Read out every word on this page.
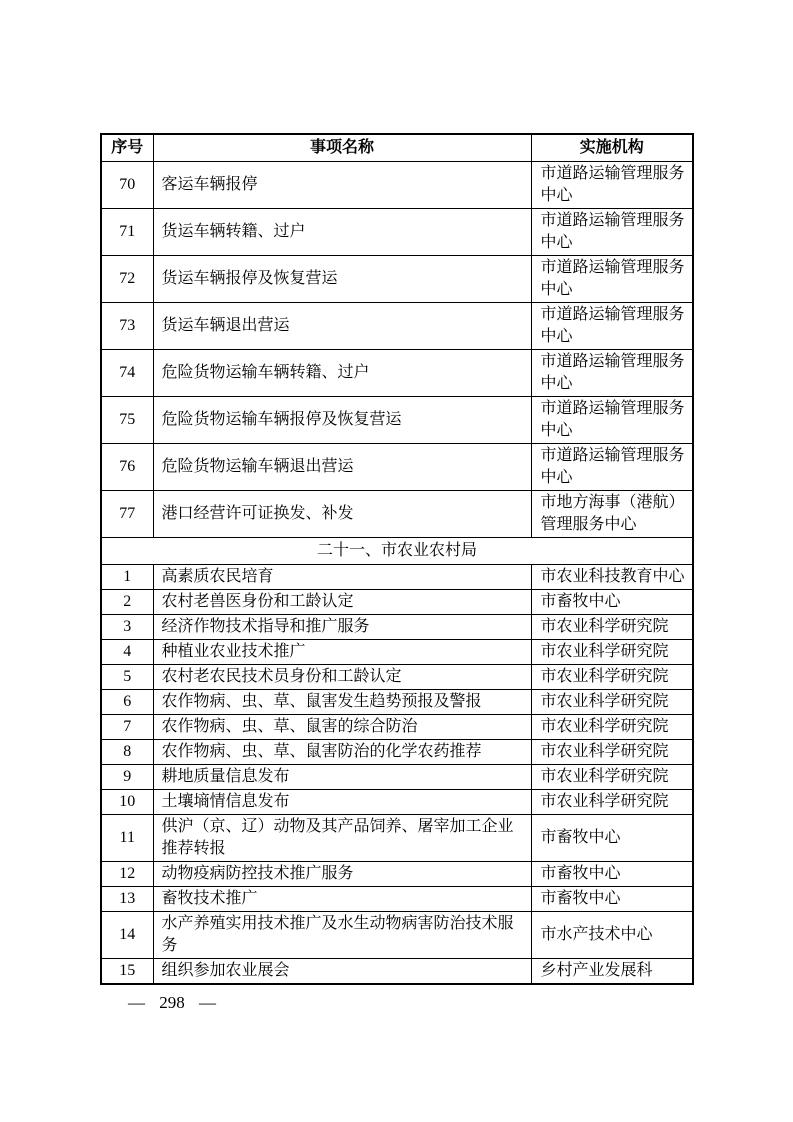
序号	事项名称	实施机构
70	客运车辆报停	市道路运输管理服务中心
71	货运车辆转籍、过户	市道路运输管理服务中心
72	货运车辆报停及恢复营运	市道路运输管理服务中心
73	货运车辆退出营运	市道路运输管理服务中心
74	危险货物运输车辆转籍、过户	市道路运输管理服务中心
75	危险货物运输车辆报停及恢复营运	市道路运输管理服务中心
76	危险货物运输车辆退出营运	市道路运输管理服务中心
77	港口经营许可证换发、补发	市地方海事（港航）管理服务中心
二十一、市农业农村局		
1	高素质农民培育	市农业科技教育中心
2	农村老兽医身份和工龄认定	市畜牧中心
3	经济作物技术指导和推广服务	市农业科学研究院
4	种植业农业技术推广	市农业科学研究院
5	农村老农民技术员身份和工龄认定	市农业科学研究院
6	农作物病、虫、草、鼠害发生趋势预报及警报	市农业科学研究院
7	农作物病、虫、草、鼠害的综合防治	市农业科学研究院
8	农作物病、虫、草、鼠害防治的化学农药推荐	市农业科学研究院
9	耕地质量信息发布	市农业科学研究院
10	土壤墒情信息发布	市农业科学研究院
11	供沪（京、辽）动物及其产品饲养、屠宰加工企业推荐转报	市畜牧中心
12	动物疫病防控技术推广服务	市畜牧中心
13	畜牧技术推广	市畜牧中心
14	水产养殖实用技术推广及水生动物病害防治技术服务	市水产技术中心
15	组织参加农业展会	乡村产业发展科
— 298 —
